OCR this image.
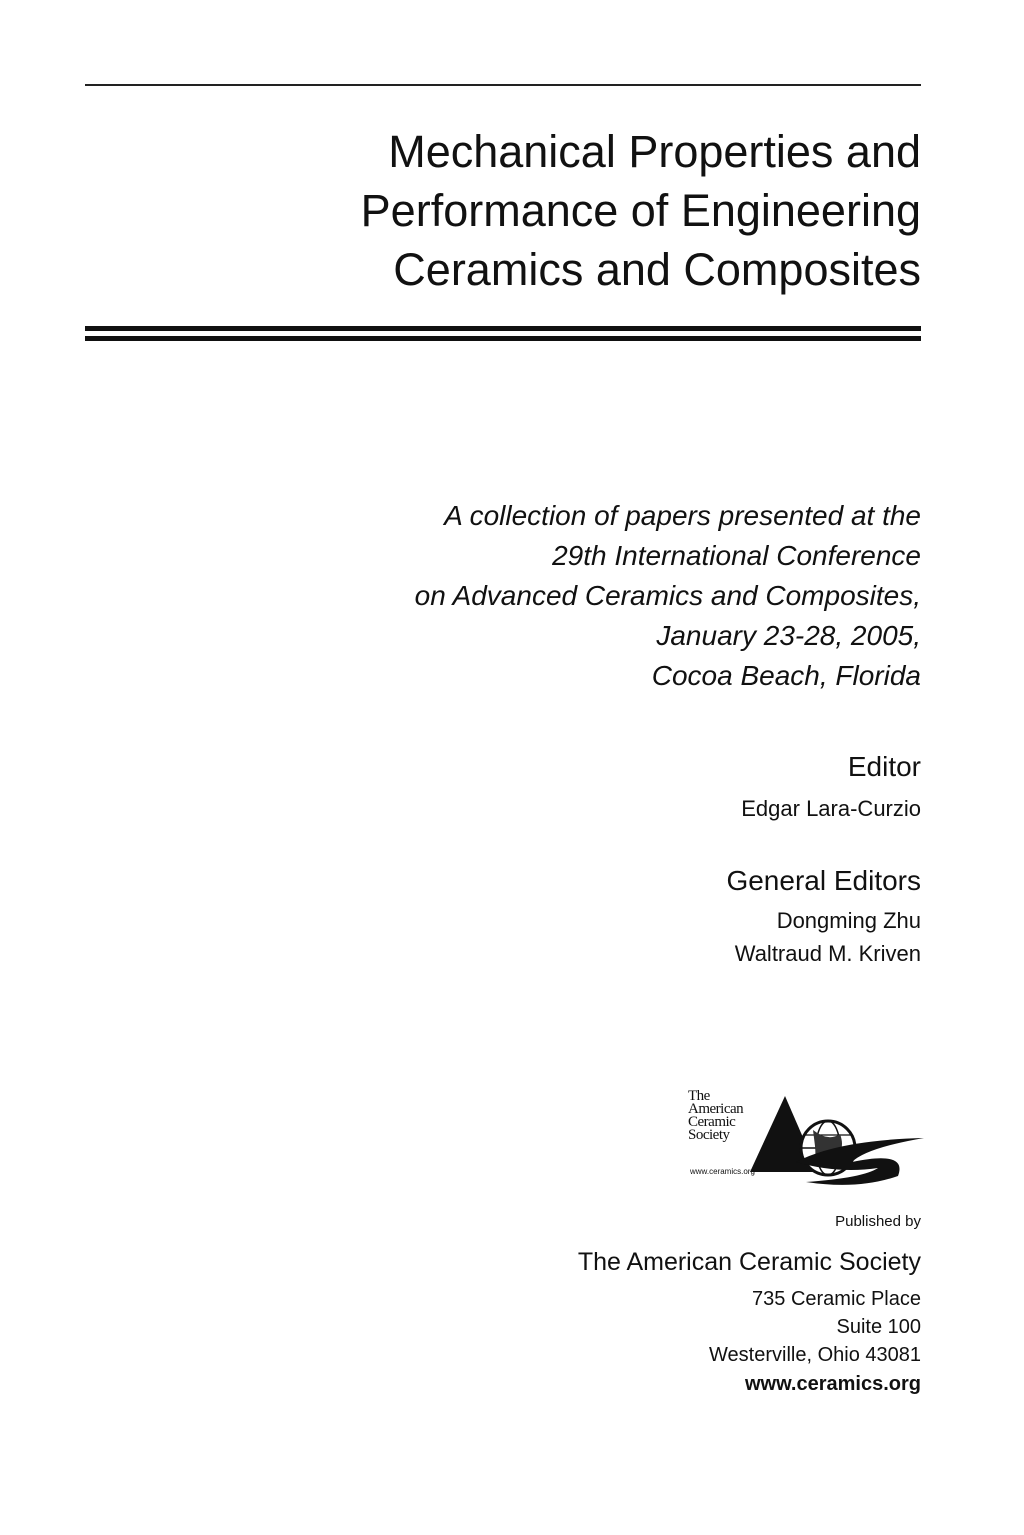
Mechanical Properties and
Performance of Engineering
Ceramics and Composites
A collection of papers presented at the
29th International Conference
on Advanced Ceramics and Composites,
January 23-28, 2005,
Cocoa Beach, Florida
Editor
Edgar Lara-Curzio
General Editors
Dongming Zhu
Waltraud M. Kriven
The
American
Ceramic
Society
www.ceramics.org
Published by
The American Ceramic Society
735 Ceramic Place
Suite 100
Westerville, Ohio 43081
www.ceramics.org
